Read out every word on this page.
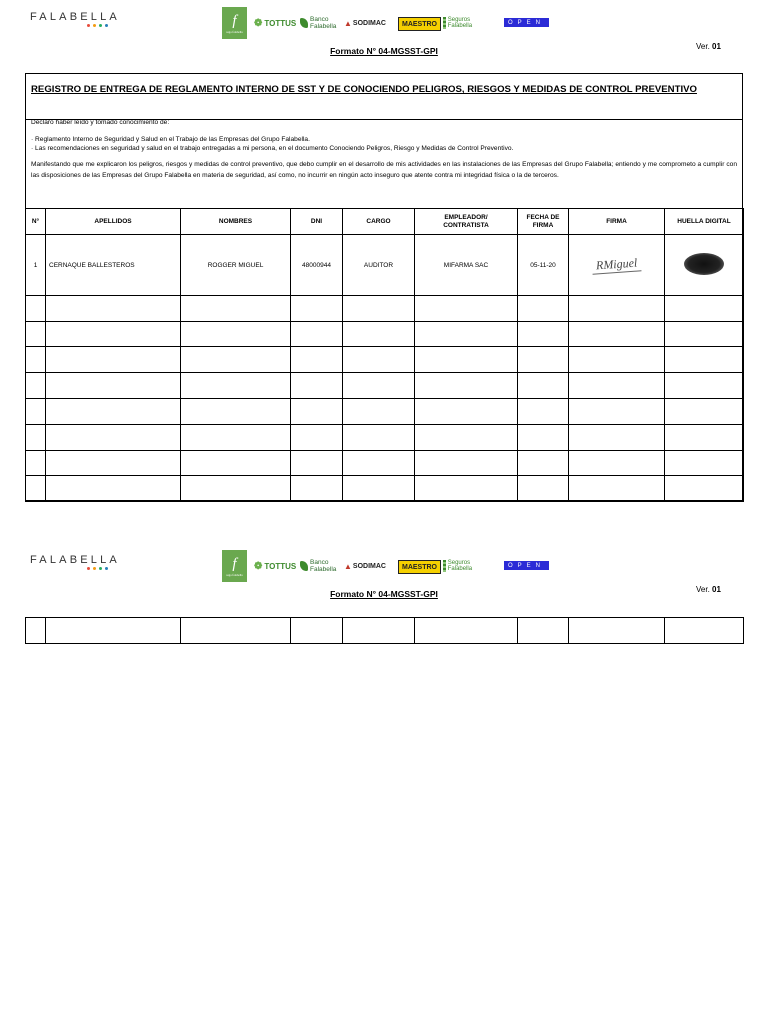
FALABELLA	f
saga falabella
❁ TOTTUS Banco Falabella ▲ SODIMAC	MAESTRO
Seguros Falabella
OPEN
Formato N° 04-MGSST-GPI	Ver. 01
REGISTRO DE ENTREGA DE REGLAMENTO INTERNO DE SST Y DE CONOCIENDO PELIGROS, RIESGOS Y MEDIDAS DE CONTROL PREVENTIVO

Declaro haber leído y tomado conocimiento de:

· Reglamento Interno de Seguridad y Salud en el Trabajo de las Empresas del Grupo Falabella.
· Las recomendaciones en seguridad y salud en el trabajo entregadas a mi persona, en el documento Conociendo Peligros, Riesgo y Medidas de Control Preventivo.

Manifestando que me explicaron los peligros, riesgos y medidas de control preventivo, que debo cumplir en el desarrollo de mis actividades en las instalaciones de las Empresas del Grupo Falabella; entiendo y me comprometo a cumplir con las disposiciones de las Empresas del Grupo Falabella en materia de seguridad, así como, no incurrir en ningún acto inseguro que atente contra mi integridad física o la de terceros.

N°	APELLIDOS	NOMBRES	DNI	CARGO	EMPLEADOR/ CONTRATISTA	FECHA DE FIRMA	FIRMA	HUELLA DIGITAL
1	CERNAQUE BALLESTEROS	ROGGER MIGUEL	48000944	AUDITOR	MIFARMA SAC	05-11-20	RMiguel	

FALABELLA	f
saga falabella
❁ TOTTUS Banco Falabella ▲ SODIMAC	MAESTRO
Seguros Falabella
OPEN
Formato N° 04-MGSST-GPI	Ver. 01
